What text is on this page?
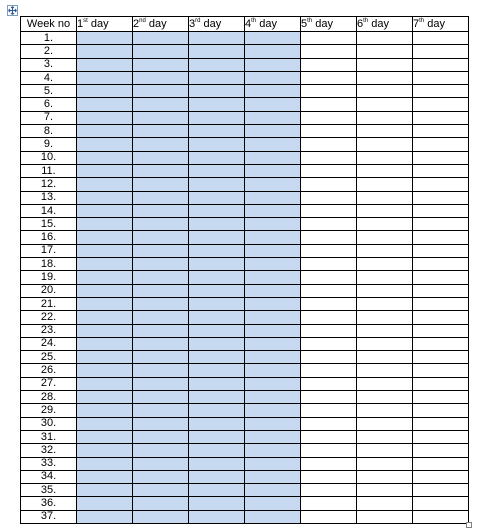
Week no	1st day	2nd day	3rd day	4th day	5th day	6th day	7th day
1.							
2.							
3.							
4.							
5.							
6.							
7.							
8.							
9.							
10.							
11.							
12.							
13.							
14.							
15.							
16.							
17.							
18.							
19.							
20.							
21.							
22.							
23.							
24.							
25.							
26.							
27.							
28.							
29.							
30.							
31.							
32.							
33.							
34.							
35.							
36.							
37.							
